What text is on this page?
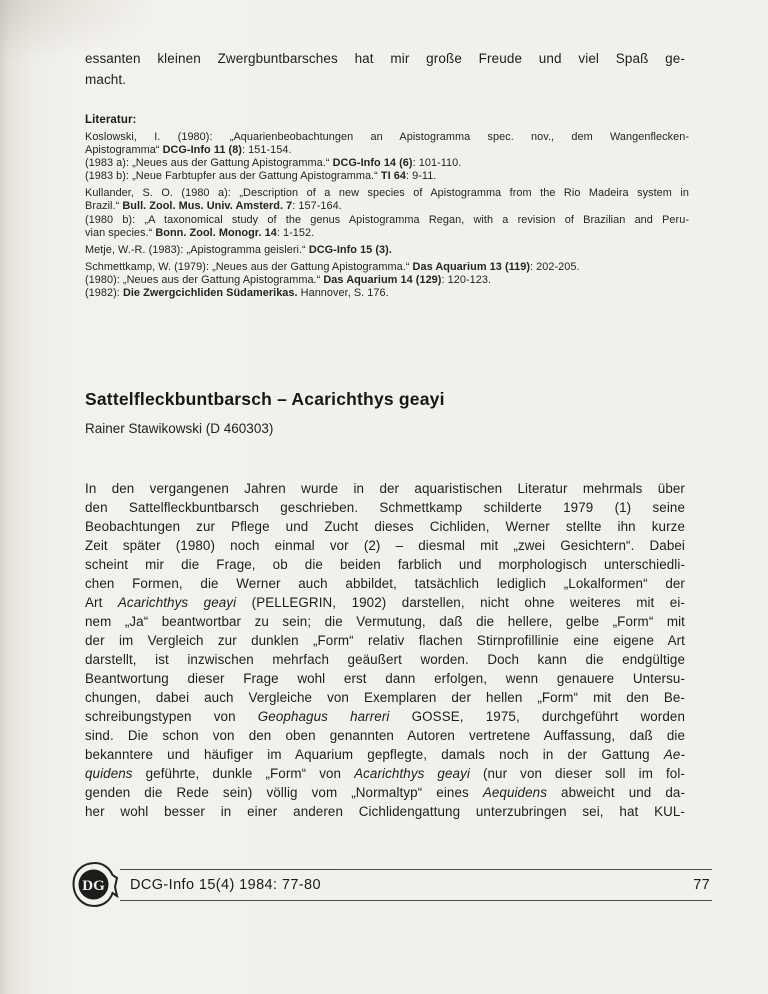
essanten kleinen Zwergbuntbarsches hat mir große Freude und viel Spaß ge-
macht.
Literatur:
Koslowski, I. (1980): „Aquarienbeobachtungen an Apistogramma spec. nov., dem Wangenflecken-
Apistogramma“ DCG-Info 11 (8): 151-154.
(1983 a): „Neues aus der Gattung Apistogramma.“ DCG-Info 14 (6): 101-110.
(1983 b): „Neue Farbtupfer aus der Gattung Apistogramma.“ TI 64: 9-11.
Kullander, S. O. (1980 a): „Description of a new species of Apistogramma from the Rio Madeira system in
Brazil.“ Bull. Zool. Mus. Univ. Amsterd. 7: 157-164.
(1980 b): „A taxonomical study of the genus Apistogramma Regan, with a revision of Brazilian and Peru-
vian species.“ Bonn. Zool. Monogr. 14: 1-152.
Metje, W.-R. (1983): „Apistogramma geisleri.“ DCG-Info 15 (3).
Schmettkamp, W. (1979): „Neues aus der Gattung Apistogramma.“ Das Aquarium 13 (119): 202-205.
(1980): „Neues aus der Gattung Apistogramma.“ Das Aquarium 14 (129): 120-123.
(1982): Die Zwergcichliden Südamerikas. Hannover, S. 176.
Sattelfleckbuntbarsch – Acarichthys geayi
Rainer Stawikowski (D 460303)
In den vergangenen Jahren wurde in der aquaristischen Literatur mehrmals über
den Sattelfleckbuntbarsch geschrieben. Schmettkamp schilderte 1979 (1) seine
Beobachtungen zur Pflege und Zucht dieses Cichliden, Werner stellte ihn kurze
Zeit später (1980) noch einmal vor (2) – diesmal mit „zwei Gesichtern“. Dabei
scheint mir die Frage, ob die beiden farblich und morphologisch unterschiedli-
chen Formen, die Werner auch abbildet, tatsächlich lediglich „Lokalformen“ der
Art Acarichthys geayi (PELLEGRIN, 1902) darstellen, nicht ohne weiteres mit ei-
nem „Ja“ beantwortbar zu sein; die Vermutung, daß die hellere, gelbe „Form“ mit
der im Vergleich zur dunklen „Form“ relativ flachen Stirnprofillinie eine eigene Art
darstellt, ist inzwischen mehrfach geäußert worden. Doch kann die endgültige
Beantwortung dieser Frage wohl erst dann erfolgen, wenn genauere Untersu-
chungen, dabei auch Vergleiche von Exemplaren der hellen „Form“ mit den Be-
schreibungstypen von Geophagus harreri GOSSE, 1975, durchgeführt worden
sind. Die schon von den oben genannten Autoren vertretene Auffassung, daß die
bekanntere und häufiger im Aquarium gepflegte, damals noch in der Gattung Ae-
quidens geführte, dunkle „Form“ von Acarichthys geayi (nur von dieser soll im fol-
genden die Rede sein) völlig vom „Normaltyp“ eines Aequidens abweicht und da-
her wohl besser in einer anderen Cichlidengattung unterzubringen sei, hat KUL-
DG DCG-Info 15(4) 1984: 77-80	77
